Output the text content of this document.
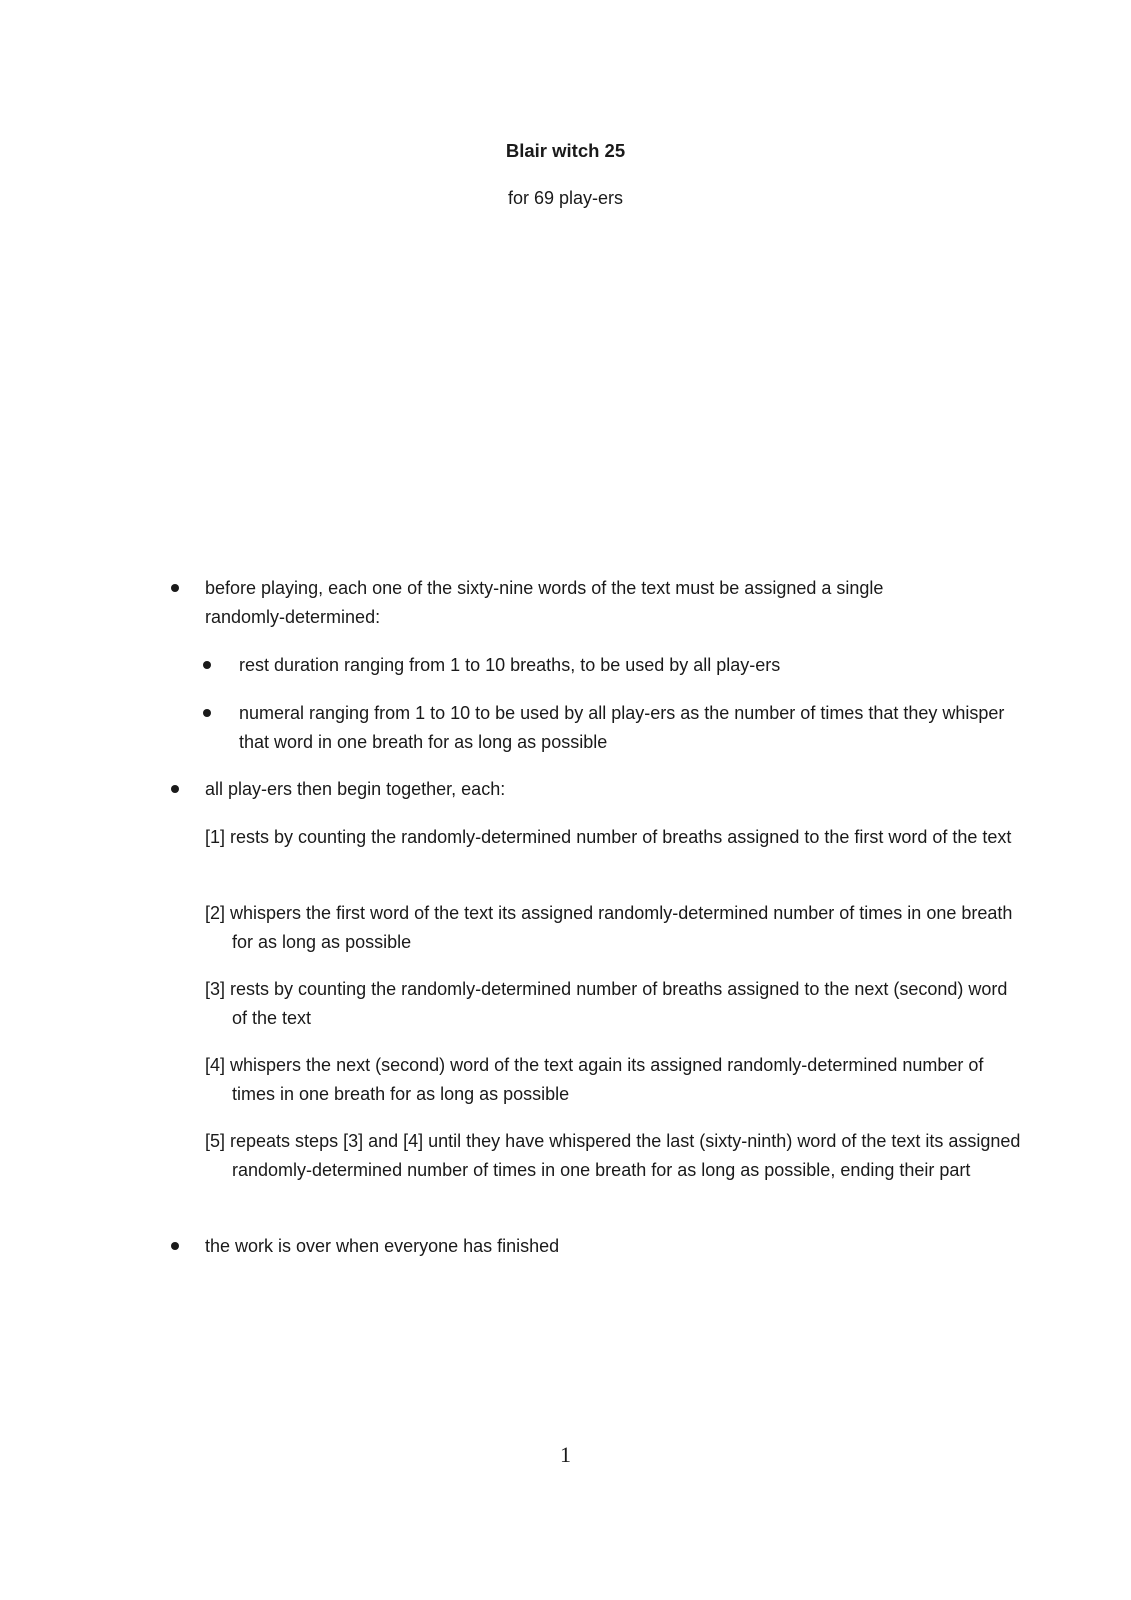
Blair witch 25
for 69 play-ers
before playing, each one of the sixty-nine words of the text must be assigned a single randomly-determined:
rest duration ranging from 1 to 10 breaths, to be used by all play-ers
numeral ranging from 1 to 10 to be used by all play-ers as the number of times that they whisper that word in one breath for as long as possible
all play-ers then begin together, each:
[1] rests by counting the randomly-determined number of breaths assigned to the first word of the text
[2] whispers the first word of the text its assigned randomly-determined number of times in one breath for as long as possible
[3] rests by counting the randomly-determined number of breaths assigned to the next (second) word of the text
[4] whispers the next (second) word of the text again its assigned randomly-determined number of times in one breath for as long as possible
[5] repeats steps [3] and [4] until they have whispered the last (sixty-ninth) word of the text its assigned randomly-determined number of times in one breath for as long as possible, ending their part
the work is over when everyone has finished
1
